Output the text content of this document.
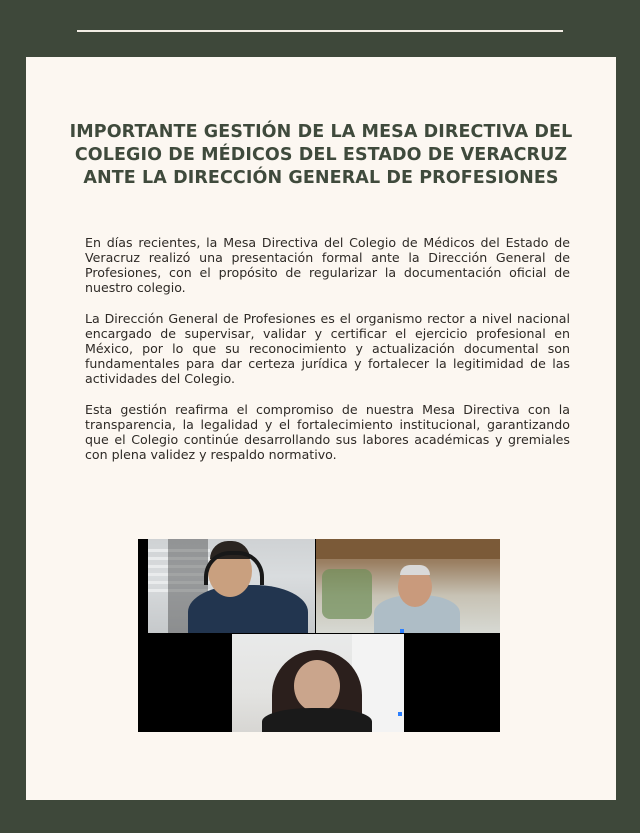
IMPORTANTE GESTIÓN DE LA MESA DIRECTIVA DEL COLEGIO DE MÉDICOS DEL ESTADO DE VERACRUZ ANTE LA DIRECCIÓN GENERAL DE PROFESIONES

En días recientes, la Mesa Directiva del Colegio de Médicos del Estado de Veracruz realizó una presentación formal ante la Dirección General de Profesiones, con el propósito de regularizar la documentación oficial de nuestro colegio.

La Dirección General de Profesiones es el organismo rector a nivel nacional encargado de supervisar, validar y certificar el ejercicio profesional en México, por lo que su reconocimiento y actualización documental son fundamentales para dar certeza jurídica y fortalecer la legitimidad de las actividades del Colegio.

Esta gestión reafirma el compromiso de nuestra Mesa Directiva con la transparencia, la legalidad y el fortalecimiento institucional, garantizando que el Colegio continúe desarrollando sus labores académicas y gremiales con plena validez y respaldo normativo.
